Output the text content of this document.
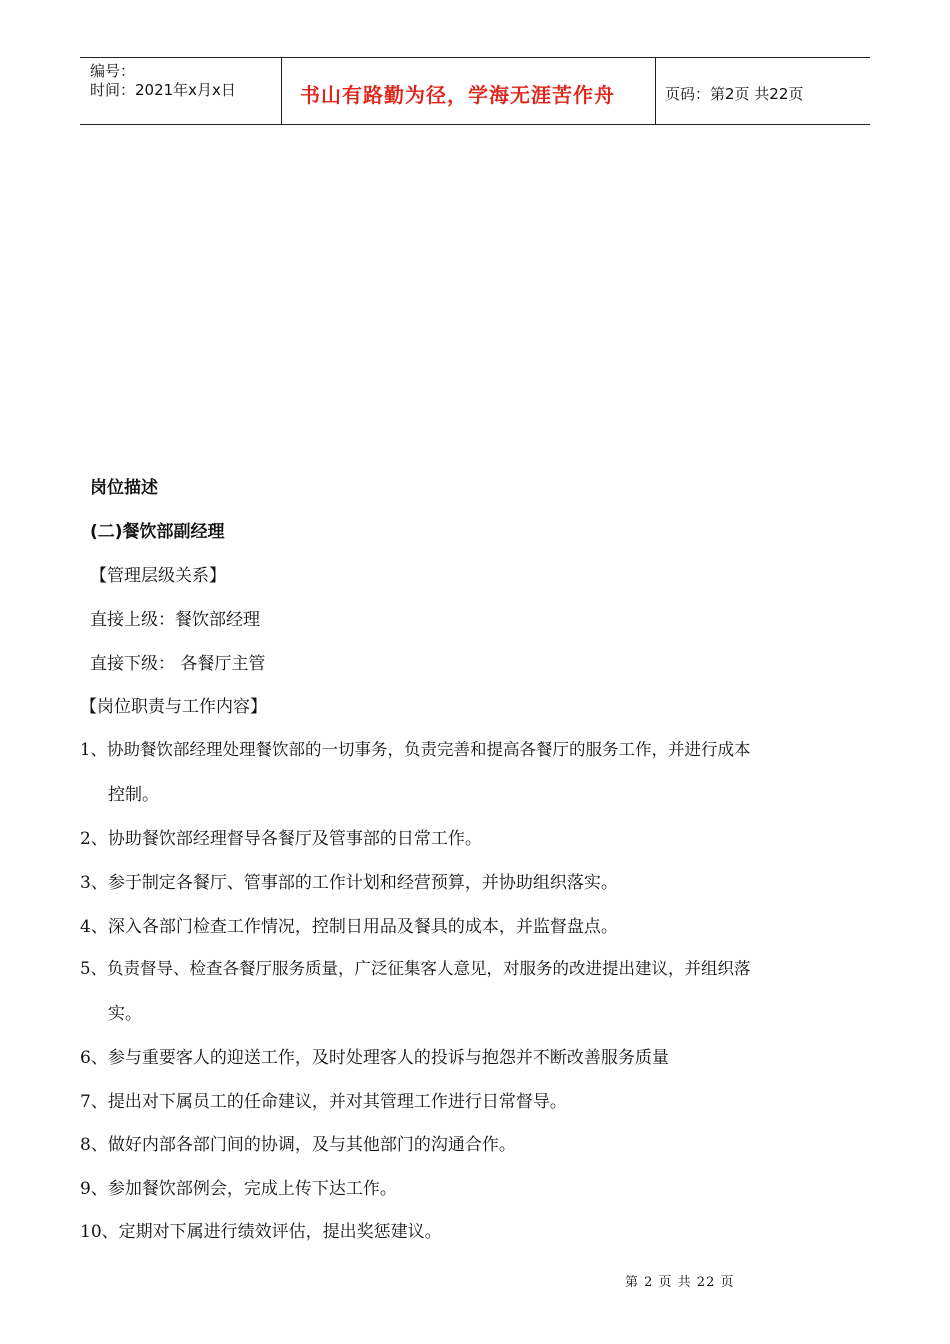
编号：
时间：2021年x月x日	书山有路勤为径，学海无涯苦作舟	页码：第2页 共22页
岗位描述
(二)餐饮部副经理
【管理层级关系】
直接上级：餐饮部经理
直接下级： 各餐厅主管
【岗位职责与工作内容】
1、协助餐饮部经理处理餐饮部的一切事务，负责完善和提高各餐厅的服务工作，并进行成本
控制。
2、协助餐饮部经理督导各餐厅及管事部的日常工作。
3、参于制定各餐厅、管事部的工作计划和经营预算，并协助组织落实。
4、深入各部门检查工作情况，控制日用品及餐具的成本，并监督盘点。
5、负责督导、检查各餐厅服务质量，广泛征集客人意见，对服务的改进提出建议，并组织落
实。
6、参与重要客人的迎送工作，及时处理客人的投诉与抱怨并不断改善服务质量
7、提出对下属员工的任命建议，并对其管理工作进行日常督导。
8、做好内部各部门间的协调，及与其他部门的沟通合作。
9、参加餐饮部例会，完成上传下达工作。
10、定期对下属进行绩效评估，提出奖惩建议。
第 2 页 共 22 页
